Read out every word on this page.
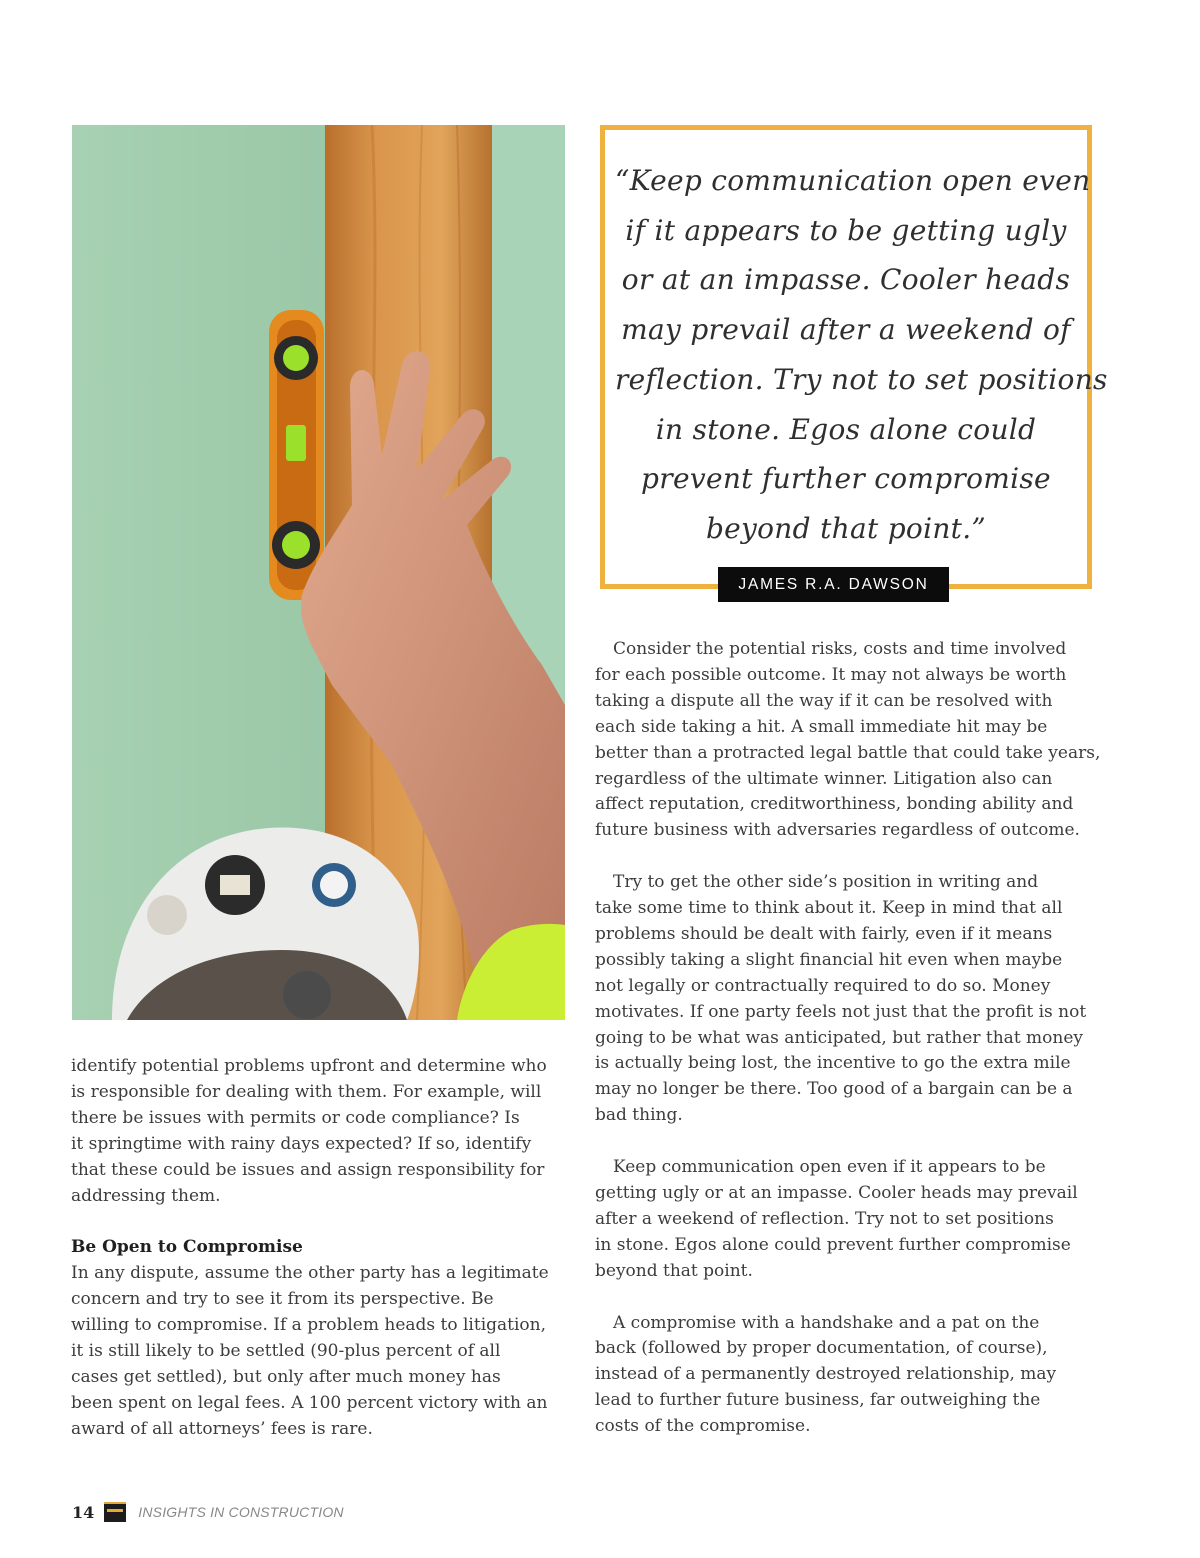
“Keep communication open even
if it appears to be getting ugly
or at an impasse. Cooler heads
may prevail after a weekend of
reflection. Try not to set positions
in stone. Egos alone could
prevent further compromise
beyond that point.”
JAMES R.A. DAWSON
identify potential problems upfront and determine who
is responsible for dealing with them. For example, will
there be issues with permits or code compliance? Is
it springtime with rainy days expected? If so, identify
that these could be issues and assign responsibility for
addressing them.
Be Open to Compromise
In any dispute, assume the other party has a legitimate
concern and try to see it from its perspective. Be
willing to compromise. If a problem heads to litigation,
it is still likely to be settled (90-plus percent of all
cases get settled), but only after much money has
been spent on legal fees. A 100 percent victory with an
award of all attorneys’ fees is rare.
Consider the potential risks, costs and time involved
for each possible outcome. It may not always be worth
taking a dispute all the way if it can be resolved with
each side taking a hit. A small immediate hit may be
better than a protracted legal battle that could take years,
regardless of the ultimate winner. Litigation also can
affect reputation, creditworthiness, bonding ability and
future business with adversaries regardless of outcome.
Try to get the other side’s position in writing and
take some time to think about it. Keep in mind that all
problems should be dealt with fairly, even if it means
possibly taking a slight financial hit even when maybe
not legally or contractually required to do so. Money
motivates. If one party feels not just that the profit is not
going to be what was anticipated, but rather that money
is actually being lost, the incentive to go the extra mile
may no longer be there. Too good of a bargain can be a
bad thing.
Keep communication open even if it appears to be
getting ugly or at an impasse. Cooler heads may prevail
after a weekend of reflection. Try not to set positions
in stone. Egos alone could prevent further compromise
beyond that point.
A compromise with a handshake and a pat on the
back (followed by proper documentation, of course),
instead of a permanently destroyed relationship, may
lead to further future business, far outweighing the
costs of the compromise.
14	INSIGHTS IN CONSTRUCTION
